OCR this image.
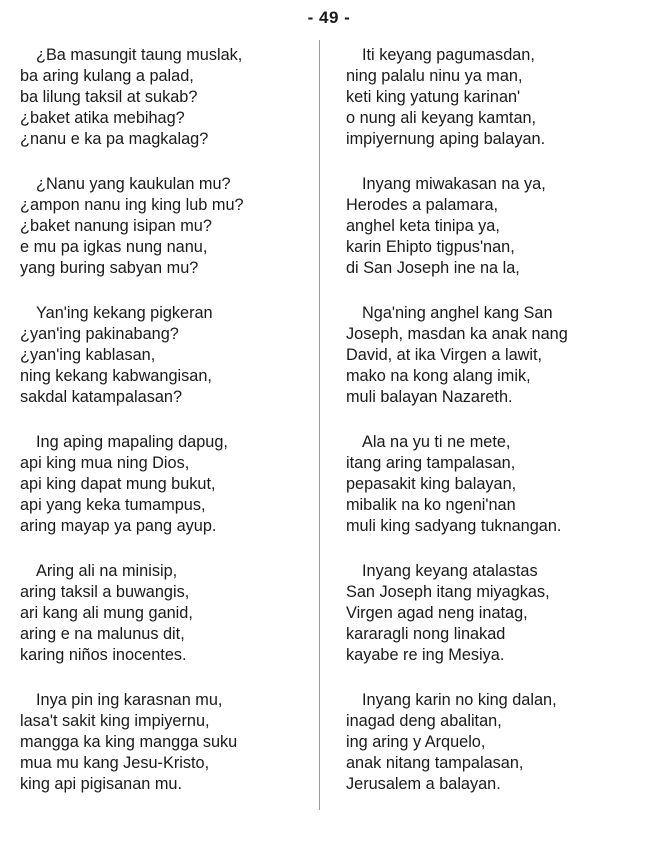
- 49 -
¿Ba masungit taung muslak,
ba aring kulang a palad,
ba lilung taksil at sukab?
¿baket atika mebihag?
¿nanu e ka pa magkalag?
¿Nanu yang kaukulan mu?
¿ampon nanu ing king lub mu?
¿baket nanung isipan mu?
e mu pa igkas nung nanu,
yang buring sabyan mu?
Yan'ing kekang pigkeran
¿yan'ing pakinabang?
¿yan'ing kablasan,
ning kekang kabwangisan,
sakdal katampalasan?
Ing aping mapaling dapug,
api king mua ning Dios,
api king dapat mung bukut,
api yang keka tumampus,
aring mayap ya pang ayup.
Aring ali na minisip,
aring taksil a buwangis,
ari kang ali mung ganid,
aring e na malunus dit,
karing niños inocentes.
Inya pin ing karasnan mu,
lasa't sakit king impiyernu,
mangga ka king mangga suku
mua mu kang Jesu-Kristo,
king api pigisanan mu.
Iti keyang pagumasdan,
ning palalu ninu ya man,
keti king yatung karinan'
o nung ali keyang kamtan,
impiyernung aping balayan.
Inyang miwakasan na ya,
Herodes a palamara,
anghel keta tinipa ya,
karin Ehipto tigpus'nan,
di San Joseph ine na la,
Nga'ning anghel kang San
Joseph, masdan ka anak nang
David, at ika Virgen a lawit,
mako na kong alang imik,
muli balayan Nazareth.
Ala na yu ti ne mete,
itang aring tampalasan,
pepasakit king balayan,
mibalik na ko ngeni'nan
muli king sadyang tuknangan.
Inyang keyang atalastas
San Joseph itang miyagkas,
Virgen agad neng inatag,
kararagli nong linakad
kayabe re ing Mesiya.
Inyang karin no king dalan,
inagad deng abalitan,
ing aring y Arquelo,
anak nitang tampalasan,
Jerusalem a balayan.
